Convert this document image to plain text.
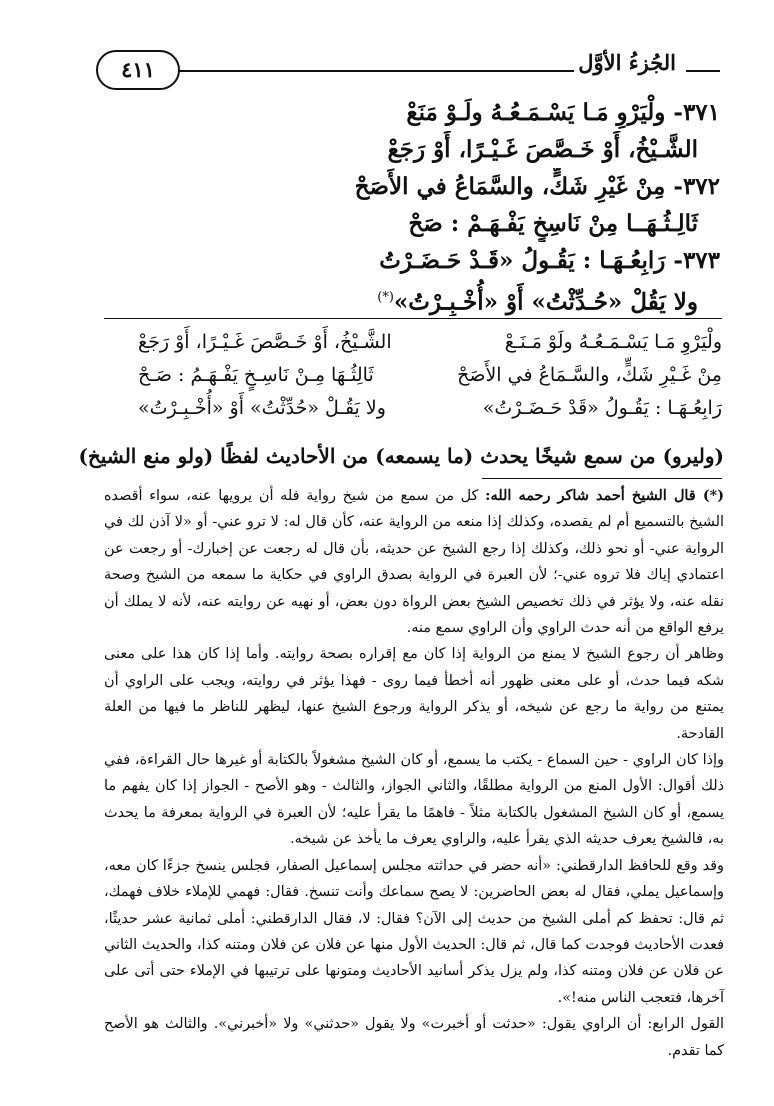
الجُزءُ الأوَّل
٤١١
٣٧١- ولْيَرْوِ مَـا يَسْـمَـعُـهُ ولَـوْ مَنَعْ
الشَّـيْخُ، أَوْ خَـصَّصَ غَـيْـرًا، أَوْ رَجَعْ
٣٧٢- مِنْ غَيْرِ شَكٍّ، والسَّمَاعُ في الأَصَحْ
ثَالِـثُـهَــا مِنْ نَاسِخٍ يَفْـهَـمْ : صَحْ
٣٧٣- رَابِعُـهَـا : يَقُـولُ «قَـدْ حَـضَـرْتُ
ولا يَقُلْ «حُـدِّثْتُ» أَوْ «أُخْـبِـرْتُ»(*)
ولْيَرْوِ مَـا يَسْـمَـعُـهُ ولَوْ مَـنَـعْ
الشَّـيْخُ، أَوْ خَـصَّصَ غَـيْـرًا، أَوْ رَجَعْ
مِنْ غَـيْرِ شَكٍّ، والسَّـمَاعُ في الأَصَحْ
ثَالِثُـهَا مِـنْ نَاسِـخٍ يَفْـهَـمُ : صَـحْ
رَابِعُـهَـا : يَقُـولُ «قَدْ حَـضَـرْتُ»
ولا يَقُـلْ «حُدِّثْتُ» أَوْ «أُخْـبِـرْتُ»
(وليرو) من سمع شيخًا يحدث (ما يسمعه) من الأحاديث لفظًا (ولو منع الشيخ)

(*) قال الشيخ أحمد شاكر رحمه الله: كل من سمع من شيخ رواية فله أن يرويها عنه، سواء أقصده الشيخ بالتسميع أم لم يقصده، وكذلك إذا منعه من الرواية عنه، كأن قال له: لا ترو عني- أو «لا آذن لك في الرواية عني- أو نحو ذلك، وكذلك إذا رجع الشيخ عن حديثه، بأن قال له رجعت عن إخبارك- أو رجعت عن اعتمادي إياك فلا تروه عني-؛ لأن العبرة في الرواية بصدق الراوي في حكاية ما سمعه من الشيخ وصحة نقله عنه، ولا يؤثر في ذلك تخصيص الشيخ بعض الرواة دون بعض، أو نهيه عن روايته عنه، لأنه لا يملك أن يرفع الواقع من أنه حدث الراوي وأن الراوي سمع منه.

وظاهر أن رجوع الشيخ لا يمنع من الرواية إذا كان مع إقراره بصحة روايته. وأما إذا كان هذا على معنى شكه فيما حدث، أو على معنى ظهور أنه أخطأ فيما روى - فهذا يؤثر في روايته، ويجب على الراوي أن يمتنع من رواية ما رجع عن شيخه، أو يذكر الرواية ورجوع الشيخ عنها، ليظهر للناظر ما فيها من العلة القادحة.

وإذا كان الراوي - حين السماع - يكتب ما يسمع، أو كان الشيخ مشغولاً بالكتابة أو غيرها حال القراءة، ففي ذلك أقوال: الأول المنع من الرواية مطلقًا، والثاني الجواز، والثالث - وهو الأصح - الجواز إذا كان يفهم ما يسمع، أو كان الشيخ المشغول بالكتابة مثلاً - فاهمًا ما يقرأ عليه؛ لأن العبرة في الرواية بمعرفة ما يحدث به، فالشيخ يعرف حديثه الذي يقرأ عليه، والراوي يعرف ما يأخذ عن شيخه.

وقد وقع للحافظ الدارقطني: «أنه حضر في حداثته مجلس إسماعيل الصفار، فجلس ينسخ جزءًا كان معه، وإسماعيل يملي، فقال له بعض الحاضرين: لا يصح سماعك وأنت تنسخ. فقال: فهمي للإملاء خلاف فهمك، ثم قال: تحفظ كم أملى الشيخ من حديث إلى الآن؟ فقال: لا، فقال الدارقطني: أملى ثمانية عشر حديثًا، فعدت الأحاديث فوجدت كما قال، ثم قال: الحديث الأول منها عن فلان عن فلان ومتنه كذا، والحديث الثاني عن فلان عن فلان ومتنه كذا، ولم يزل يذكر أسانيد الأحاديث ومتونها على ترتيبها في الإملاء حتى أتى على آخرها، فتعجب الناس منه!».

القول الرابع: أن الراوي يقول: «حدثت أو أخبرت» ولا يقول «حدثني» ولا «أخبرني». والثالث هو الأصح كما تقدم.
